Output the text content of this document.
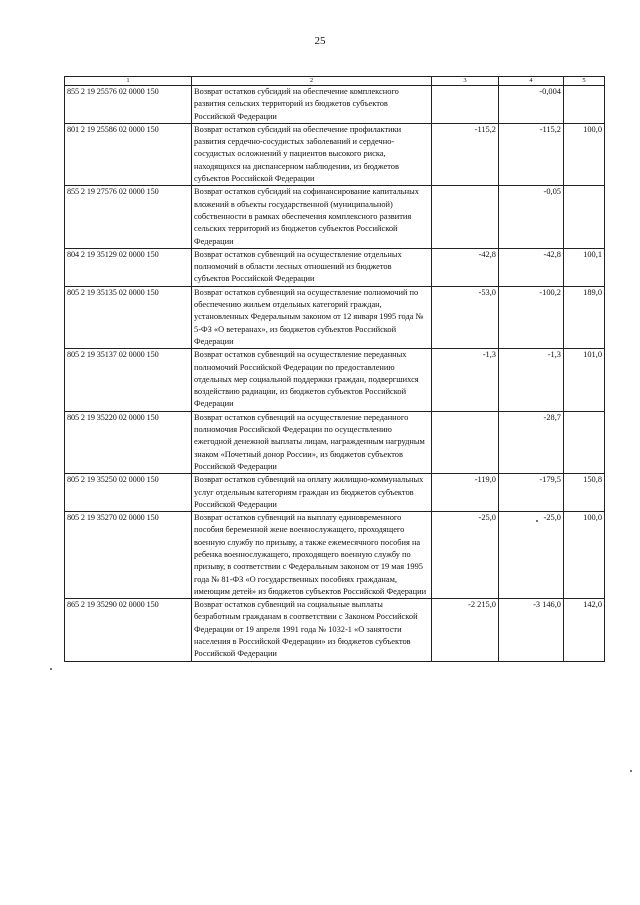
25
1	2	3	4	5
855 2 19 25576 02 0000 150	Возврат остатков субсидий на обеспечение комплексного развития сельских территорий из бюджетов субъектов Российской Федерации		-0,004	
801 2 19 25586 02 0000 150	Возврат остатков субсидий на обеспечение профилактики развития сердечно-сосудистых заболеваний и сердечно-сосудистых осложнений у пациентов высокого риска, находящихся на диспансерном наблюдении, из бюджетов субъектов Российской Федерации	-115,2	-115,2	100,0
855 2 19 27576 02 0000 150	Возврат остатков субсидий на софинансирование капитальных вложений в объекты государственной (муниципальной) собственности в рамках обеспечения комплексного развития сельских территорий из бюджетов субъектов Российской Федерации		-0,05	
804 2 19 35129 02 0000 150	Возврат остатков субвенций на осуществление отдельных полномочий в области лесных отношений из бюджетов субъектов Российской Федерации	-42,8	-42,8	100,1
805 2 19 35135 02 0000 150	Возврат остатков субвенций на осуществление полномочий по обеспечению жильем отдельных категорий граждан, установленных Федеральным законом от 12 января 1995 года № 5-ФЗ «О ветеранах», из бюджетов субъектов Российской Федерации	-53,0	-100,2	189,0
805 2 19 35137 02 0000 150	Возврат остатков субвенций на осуществление переданных полномочий Российской Федерации по предоставлению отдельных мер социальной поддержки граждан, подвергшихся воздействию радиации, из бюджетов субъектов Российской Федерации	-1,3	-1,3	101,0
805 2 19 35220 02 0000 150	Возврат остатков субвенций на осуществление переданного полномочия Российской Федерации по осуществлению ежегодной денежной выплаты лицам, награжденным нагрудным знаком «Почетный донор России», из бюджетов субъектов Российской Федерации		-28,7	
805 2 19 35250 02 0000 150	Возврат остатков субвенций на оплату жилищно-коммунальных услуг отдельным категориям граждан из бюджетов субъектов Российской Федерации	-119,0	-179,5	150,8
805 2 19 35270 02 0000 150	Возврат остатков субвенций на выплату единовременного пособия беременной жене военнослужащего, проходящего военную службу по призыву, а также ежемесячного пособия на ребенка военнослужащего, проходящего военную службу по призыву, в соответствии с Федеральным законом от 19 мая 1995 года № 81-ФЗ «О государственных пособиях гражданам, имеющим детей» из бюджетов субъектов Российской Федерации	-25,0	-25,0	100,0
865 2 19 35290 02 0000 150	Возврат остатков субвенций на социальные выплаты безработным гражданам в соответствии с Законом Российской Федерации от 19 апреля 1991 года № 1032-1 «О занятости населения в Российской Федерации» из бюджетов субъектов Российской Федерации	-2 215,0	-3 146,0	142,0
